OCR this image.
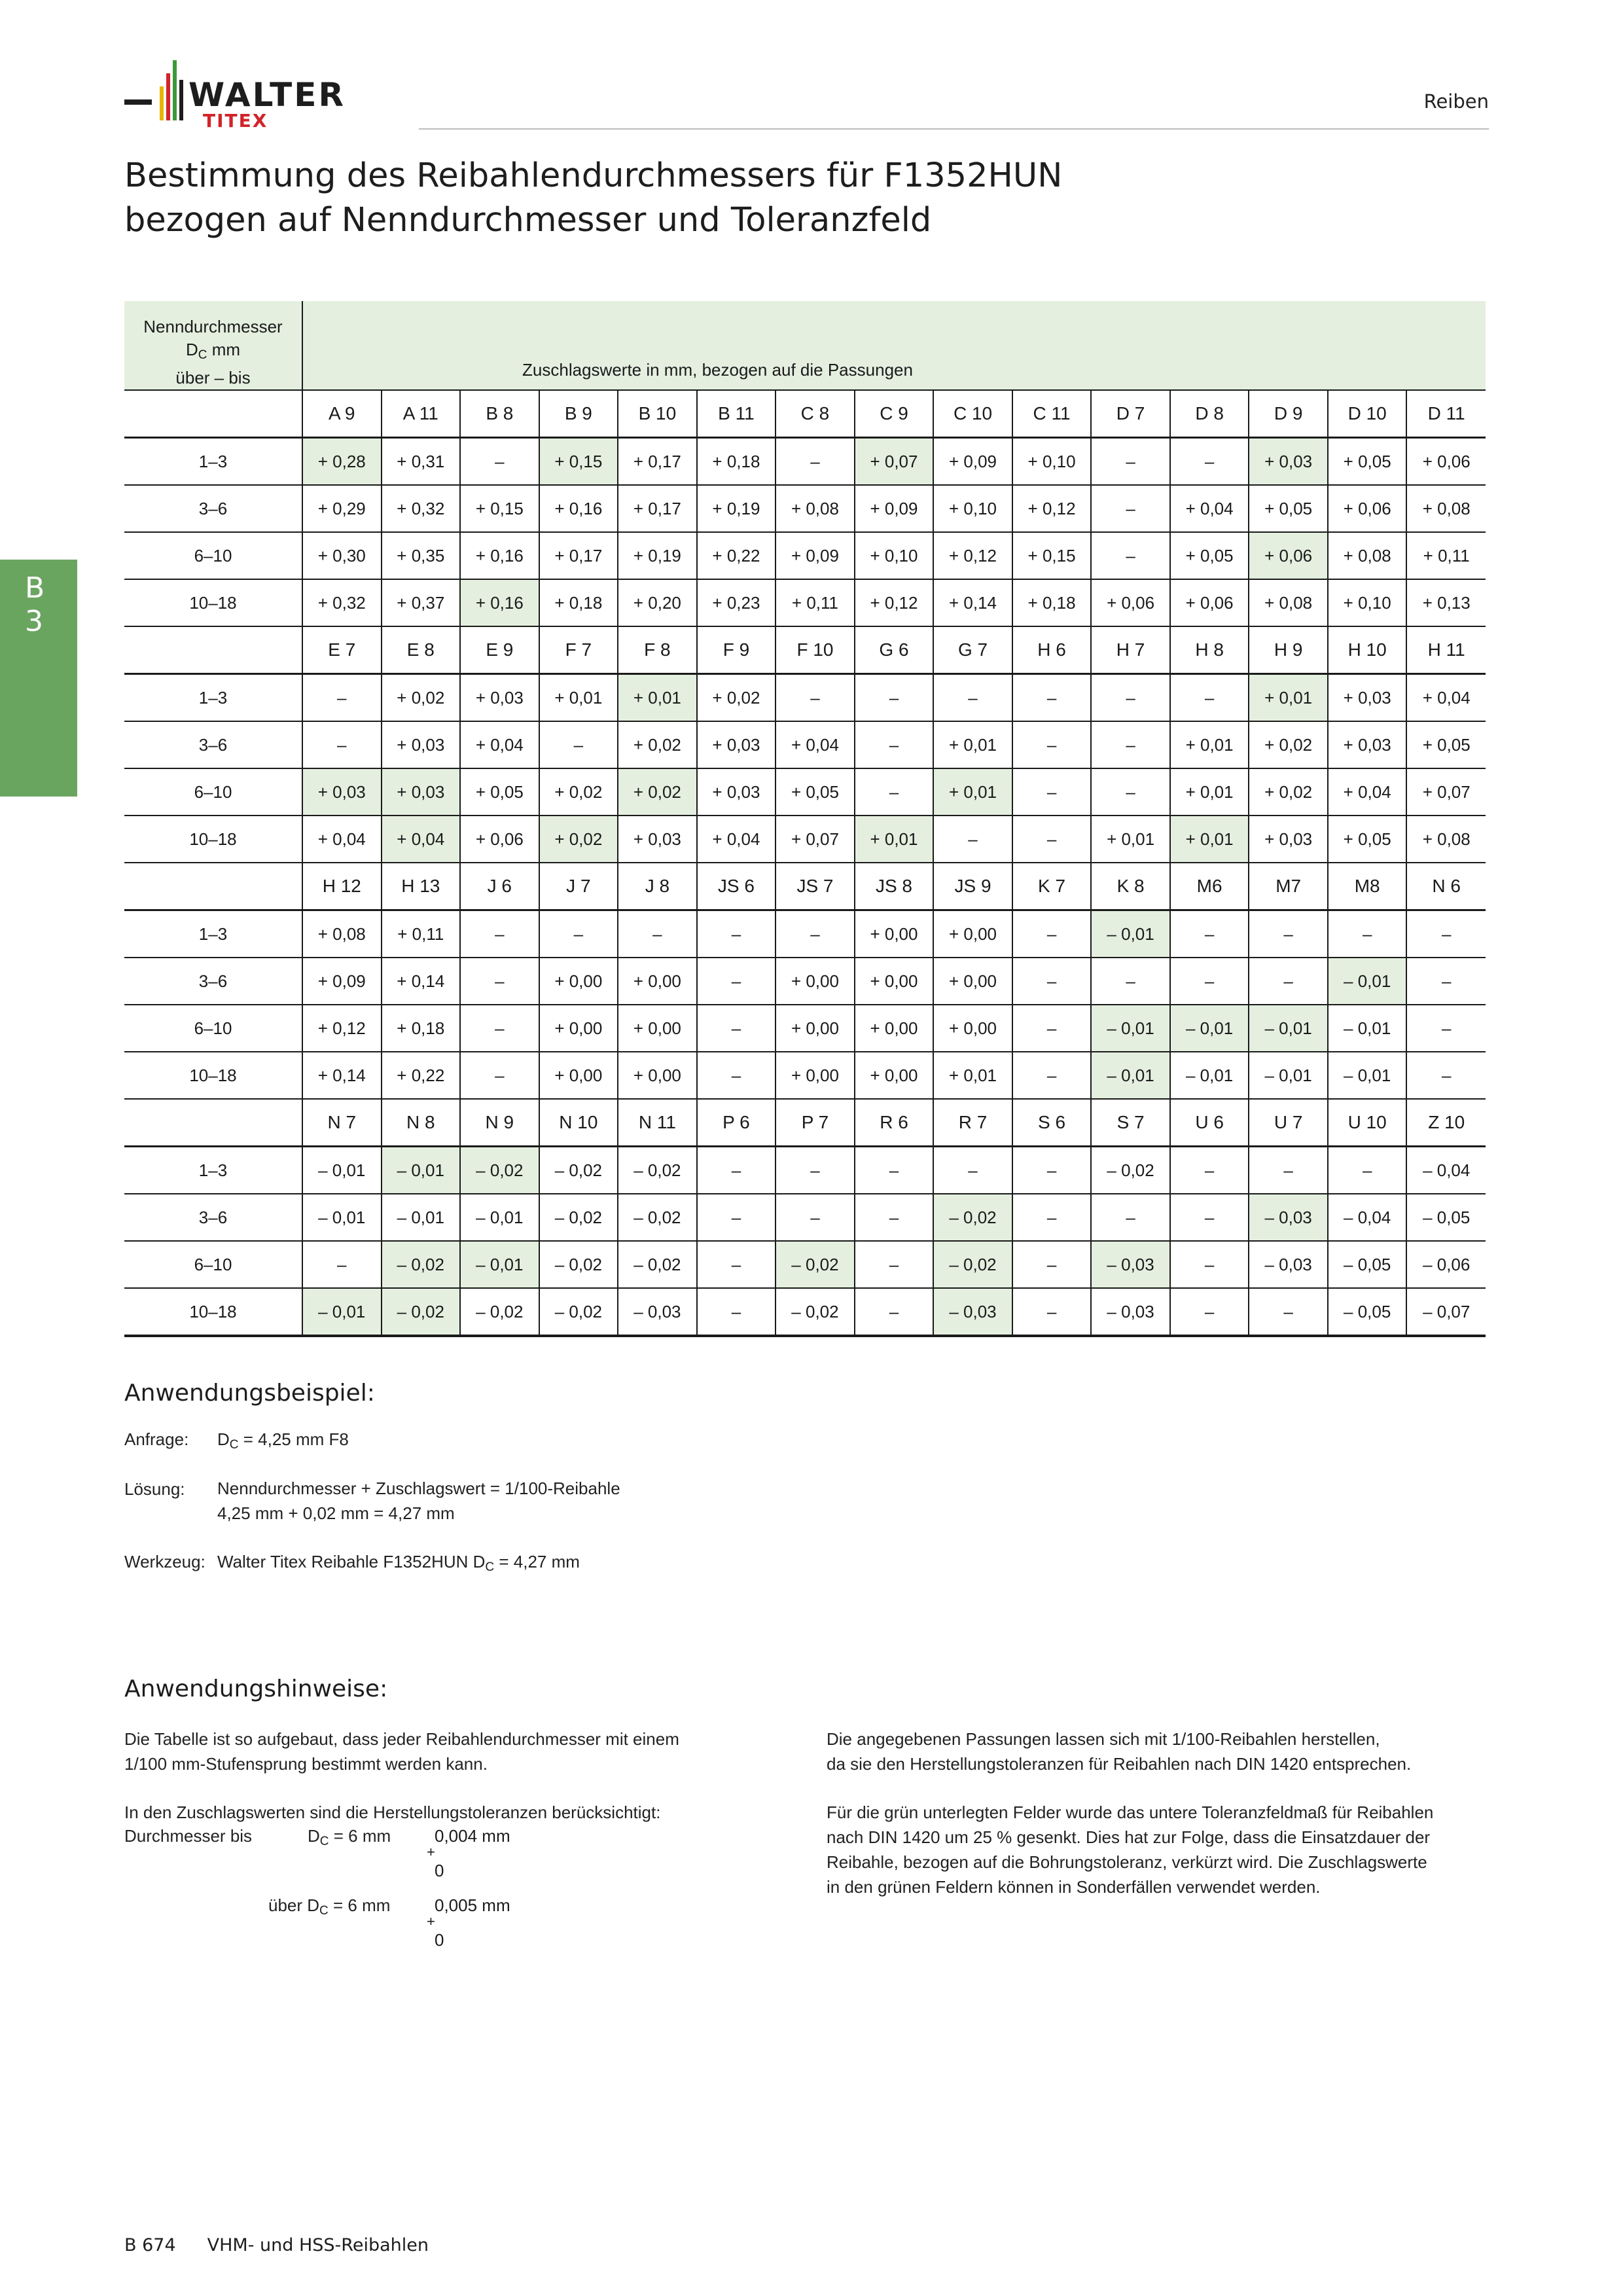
WALTER
TITEX
Reiben
Bestimmung des Reibahlendurchmessers für F1352HUN
bezogen auf Nenndurchmesser und Toleranzfeld
B 3
Nenndurchmesser
$D_C$ mm
über – bis	Zuschlagswerte in mm, bezogen auf die Passungen														
	A 9	A 11	B 8	B 9	B 10	B 11	C 8	C 9	C 10	C 11	D 7	D 8	D 9	D 10	D 11
1–3	+ 0,28	+ 0,31	–	+ 0,15	+ 0,17	+ 0,18	–	+ 0,07	+ 0,09	+ 0,10	–	–	+ 0,03	+ 0,05	+ 0,06
3–6	+ 0,29	+ 0,32	+ 0,15	+ 0,16	+ 0,17	+ 0,19	+ 0,08	+ 0,09	+ 0,10	+ 0,12	–	+ 0,04	+ 0,05	+ 0,06	+ 0,08
6–10	+ 0,30	+ 0,35	+ 0,16	+ 0,17	+ 0,19	+ 0,22	+ 0,09	+ 0,10	+ 0,12	+ 0,15	–	+ 0,05	+ 0,06	+ 0,08	+ 0,11
10–18	+ 0,32	+ 0,37	+ 0,16	+ 0,18	+ 0,20	+ 0,23	+ 0,11	+ 0,12	+ 0,14	+ 0,18	+ 0,06	+ 0,06	+ 0,08	+ 0,10	+ 0,13
	E 7	E 8	E 9	F 7	F 8	F 9	F 10	G 6	G 7	H 6	H 7	H 8	H 9	H 10	H 11
1–3	–	+ 0,02	+ 0,03	+ 0,01	+ 0,01	+ 0,02	–	–	–	–	–	–	+ 0,01	+ 0,03	+ 0,04
3–6	–	+ 0,03	+ 0,04	–	+ 0,02	+ 0,03	+ 0,04	–	+ 0,01	–	–	+ 0,01	+ 0,02	+ 0,03	+ 0,05
6–10	+ 0,03	+ 0,03	+ 0,05	+ 0,02	+ 0,02	+ 0,03	+ 0,05	–	+ 0,01	–	–	+ 0,01	+ 0,02	+ 0,04	+ 0,07
10–18	+ 0,04	+ 0,04	+ 0,06	+ 0,02	+ 0,03	+ 0,04	+ 0,07	+ 0,01	–	–	+ 0,01	+ 0,01	+ 0,03	+ 0,05	+ 0,08
	H 12	H 13	J 6	J 7	J 8	JS 6	JS 7	JS 8	JS 9	K 7	K 8	M6	M7	M8	N 6
1–3	+ 0,08	+ 0,11	–	–	–	–	–	+ 0,00	+ 0,00	–	– 0,01	–	–	–	–
3–6	+ 0,09	+ 0,14	–	+ 0,00	+ 0,00	–	+ 0,00	+ 0,00	+ 0,00	–	–	–	–	– 0,01	–
6–10	+ 0,12	+ 0,18	–	+ 0,00	+ 0,00	–	+ 0,00	+ 0,00	+ 0,00	–	– 0,01	– 0,01	– 0,01	– 0,01	–
10–18	+ 0,14	+ 0,22	–	+ 0,00	+ 0,00	–	+ 0,00	+ 0,00	+ 0,01	–	– 0,01	– 0,01	– 0,01	– 0,01	–
	N 7	N 8	N 9	N 10	N 11	P 6	P 7	R 6	R 7	S 6	S 7	U 6	U 7	U 10	Z 10
1–3	– 0,01	– 0,01	– 0,02	– 0,02	– 0,02	–	–	–	–	–	– 0,02	–	–	–	– 0,04
3–6	– 0,01	– 0,01	– 0,01	– 0,02	– 0,02	–	–	–	– 0,02	–	–	–	– 0,03	– 0,04	– 0,05
6–10	–	– 0,02	– 0,01	– 0,02	– 0,02	–	– 0,02	–	– 0,02	–	– 0,03	–	– 0,03	– 0,05	– 0,06
10–18	– 0,01	– 0,02	– 0,02	– 0,02	– 0,03	–	– 0,02	–	– 0,03	–	– 0,03	–	–	– 0,05	– 0,07
Anwendungsbeispiel:
Anfrage: $D_C = 4,25$ mm F8
Lösung: Nenndurchmesser + Zuschlagswert = 1/100-Reibahle
4,25 mm + 0,02 mm = 4,27 mm
Werkzeug: Walter Titex Reibahle F1352HUN $D_C = 4,27$ mm
Anwendungshinweise:
Die Tabelle ist so aufgebaut, dass jeder Reibahlendurchmesser mit einem
1/100 mm-Stufensprung bestimmt werden kann.
In den Zuschlagswerten sind die Herstellungstoleranzen berücksichtigt:
Durchmesser bis	$D_C = 6$ mm	0,004 mm
+
0
über $D_C = 6$ mm	0,005 mm
+
0
Die angegebenen Passungen lassen sich mit 1/100-Reibahlen herstellen,
da sie den Herstellungstoleranzen für Reibahlen nach DIN 1420 entsprechen.
Für die grün unterlegten Felder wurde das untere Toleranzfeldmaß für Reibahlen
nach DIN 1420 um 25 % gesenkt. Dies hat zur Folge, dass die Einsatzdauer der
Reibahle, bezogen auf die Bohrungstoleranz, verkürzt wird. Die Zuschlagswerte
in den grünen Feldern können in Sonderfällen verwendet werden.
B 674 VHM- und HSS-Reibahlen
